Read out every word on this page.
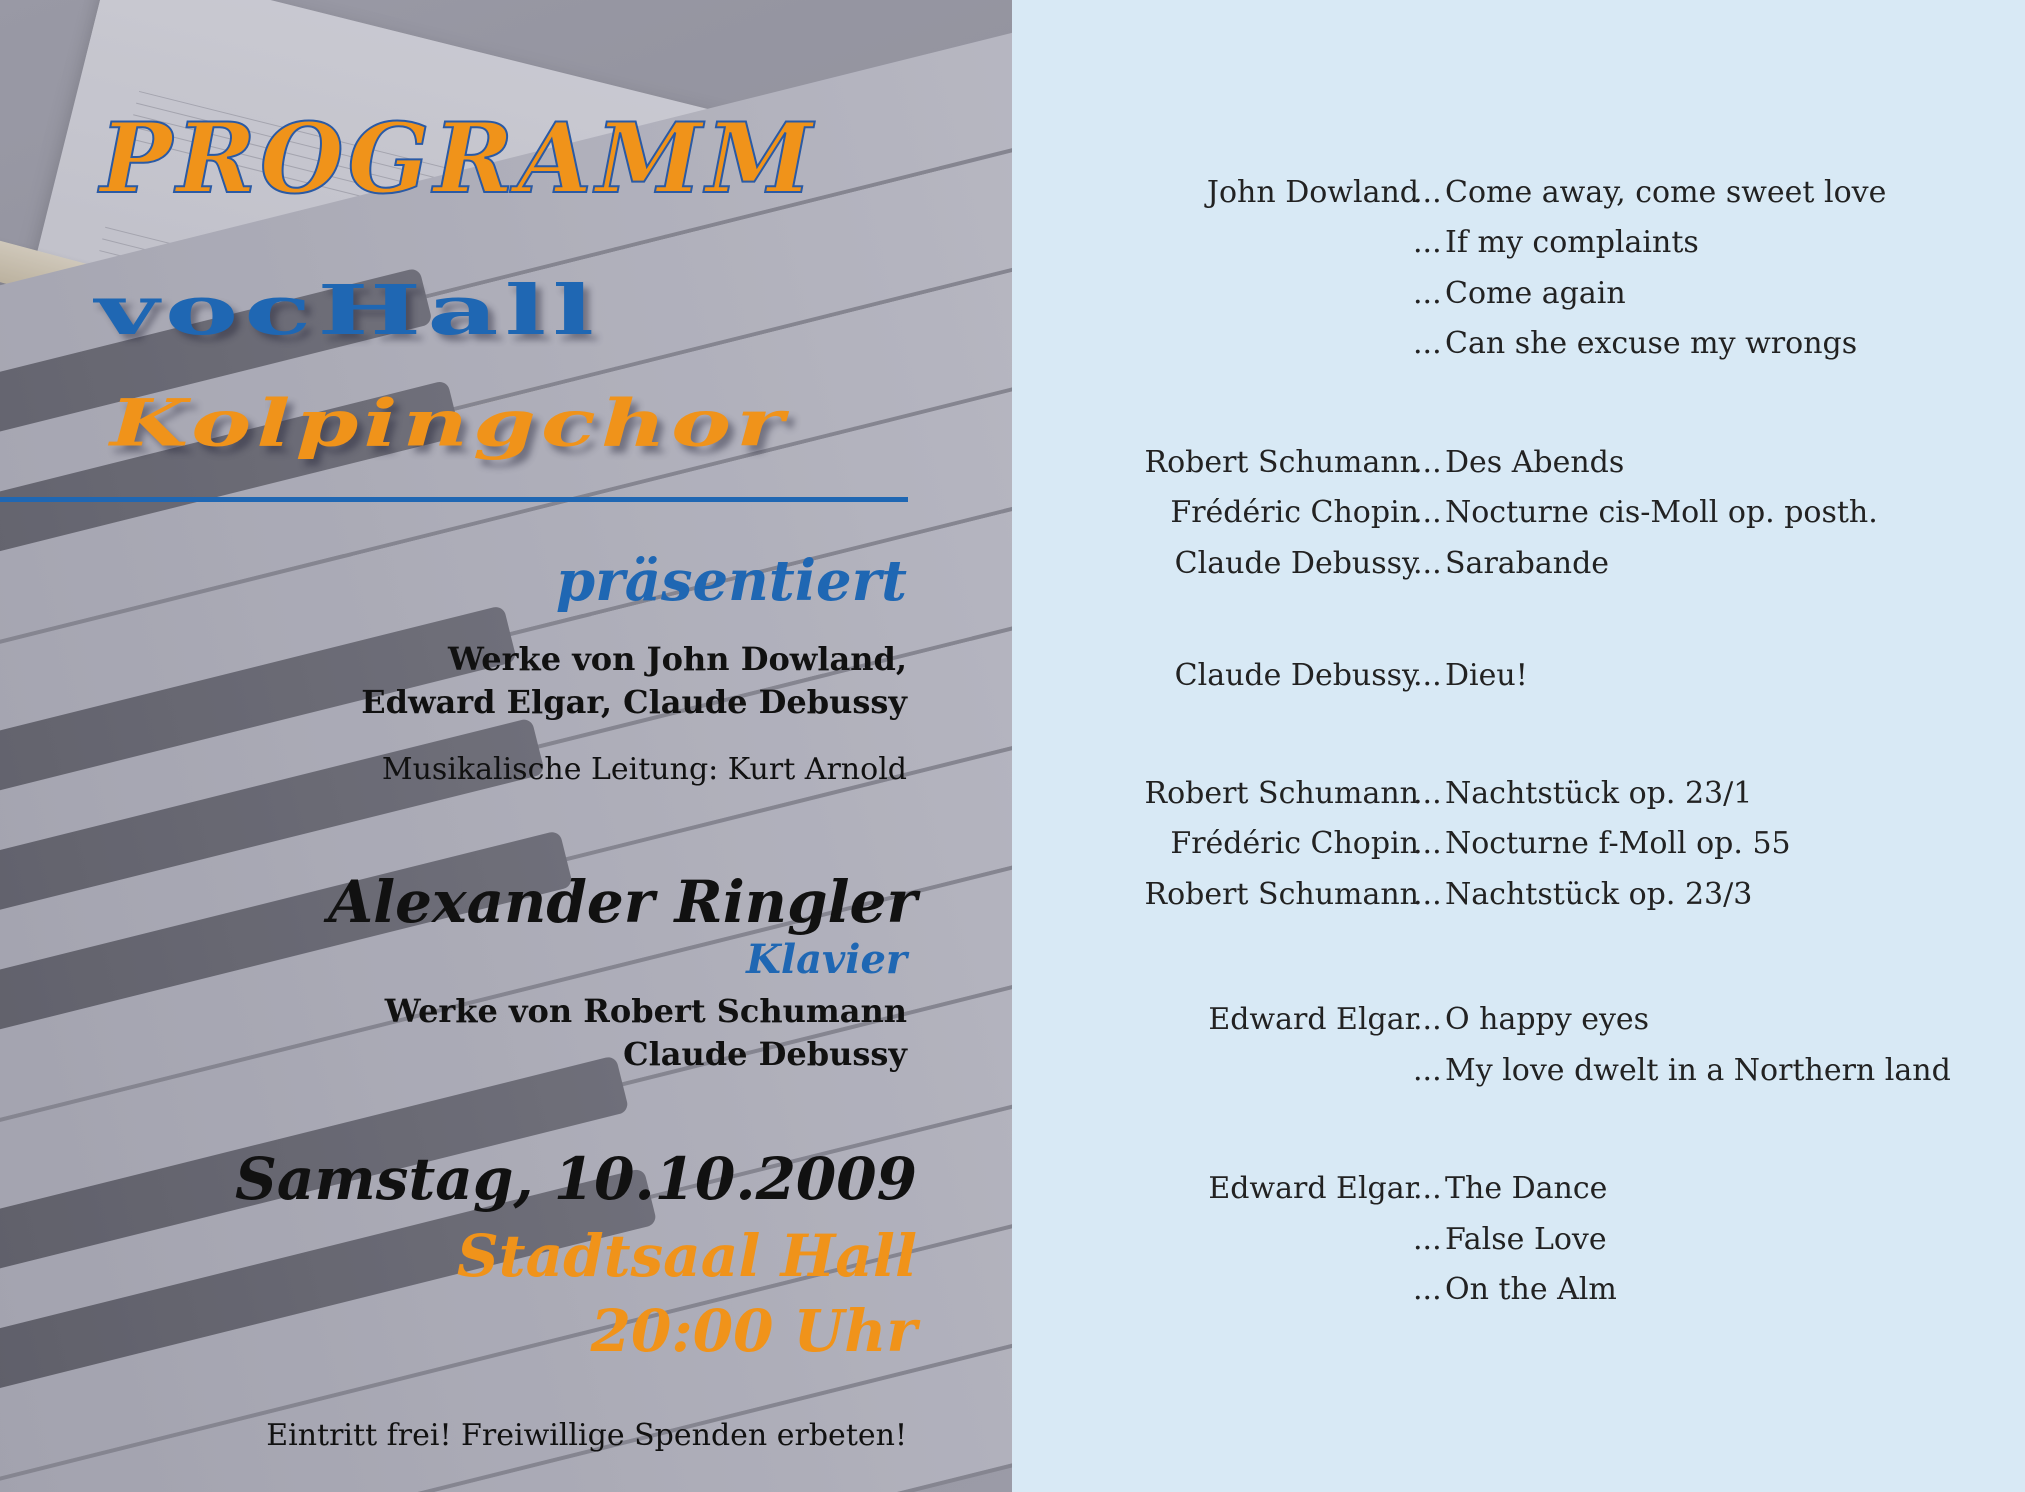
PROGRAMM
vocHall
Kolpingchor
präsentiert
Werke von John Dowland,
Edward Elgar, Claude Debussy
Musikalische Leitung: Kurt Arnold
Alexander Ringler
Klavier
Werke von Robert Schumann
Claude Debussy
Samstag, 10.10.2009
Stadtsaal Hall
20:00 Uhr
Eintritt frei! Freiwillige Spenden erbeten!
John Dowland
... Come away, come sweet love
... If my complaints
... Come again
... Can she excuse my wrongs
Robert Schumann
... Des Abends
Frédéric Chopin
... Nocturne cis-Moll op. posth.
Claude Debussy
... Sarabande
Claude Debussy
... Dieu!
Robert Schumann
... Nachtstück op. 23/1
Frédéric Chopin
... Nocturne f-Moll op. 55
Robert Schumann
... Nachtstück op. 23/3
Edward Elgar
... O happy eyes
... My love dwelt in a Northern land
Edward Elgar
... The Dance
... False Love
... On the Alm
